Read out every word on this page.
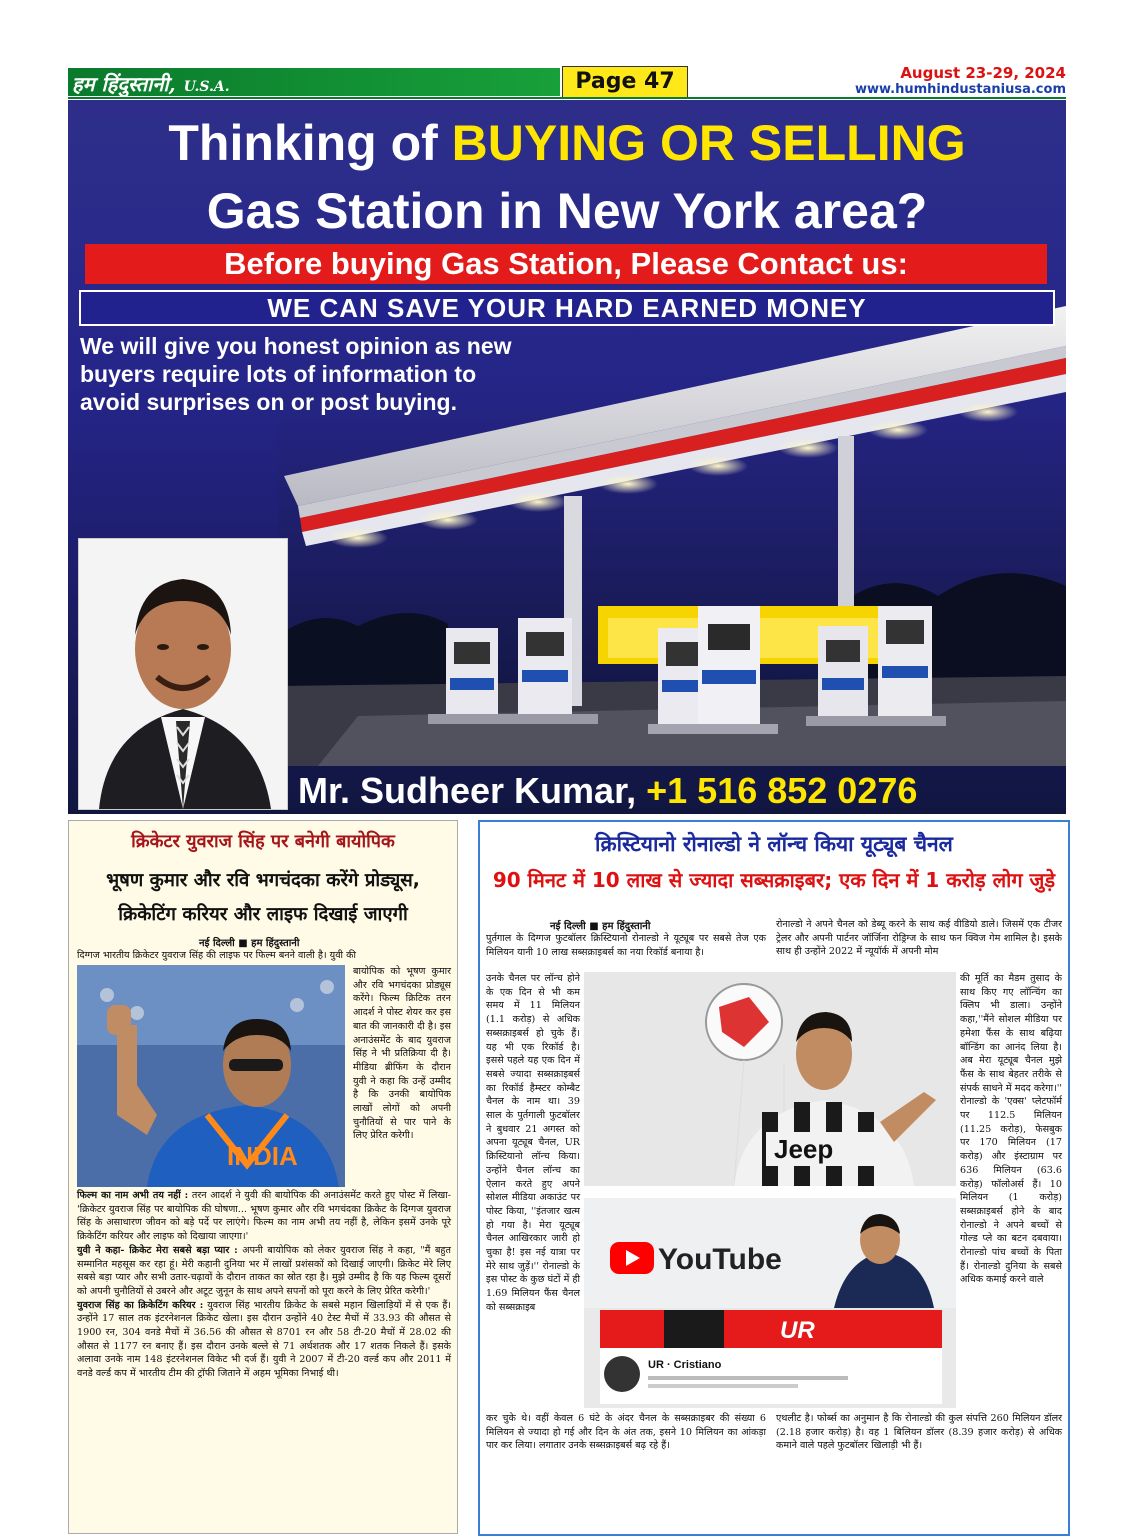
हम हिंदुस्तानी, U.S.A.	Page 47	August 23-29, 2024
www.humhindustaniusa.com
Thinking of BUYING OR SELLING
Gas Station in New York area?
Before buying Gas Station, Please Contact us:
WE CAN SAVE YOUR HARD EARNED MONEY
We will give you honest opinion as new
buyers require lots of information to
avoid surprises on or post buying.
Mr. Sudheer Kumar, +1 516 852 0276
क्रिकेटर युवराज सिंह पर बनेगी बायोपिक
भूषण कुमार और रवि भगचंदका करेंगे प्रोड्यूस,
क्रिकेटिंग करियर और लाइफ दिखाई जाएगी
नई दिल्ली ■ हम हिंदुस्तानी
दिग्गज भारतीय क्रिकेटर युवराज सिंह की लाइफ पर फिल्म बनने वाली है। युवी की
INDIA
बायोपिक को भूषण कुमार और रवि भगचंदका प्रोड्यूस करेंगे। फिल्म क्रिटिक तरन आदर्श ने पोस्ट शेयर कर इस बात की जानकारी दी है। इस अनाउंसमेंट के बाद युवराज सिंह ने भी प्रतिक्रिया दी है। मीडिया ब्रीफिंग के दौरान युवी ने कहा कि उन्हें उम्मीद है कि उनकी बायोपिक लाखों लोगों को अपनी चुनौतियों से पार पाने के लिए प्रेरित करेगी।
फिल्म का नाम अभी तय नहीं : तरन आदर्श ने युवी की बायोपिक की अनाउंसमेंट करते हुए पोस्ट में लिखा- 'क्रिकेटर युवराज सिंह पर बायोपिक की घोषणा... भूषण कुमार और रवि भगचंदका क्रिकेट के दिग्गज युवराज सिंह के असाधारण जीवन को बड़े पर्दे पर लाएंगे। फिल्म का नाम अभी तय नहीं है, लेकिन इसमें उनके पूरे क्रिकेटिंग करियर और लाइफ को दिखाया जाएगा।'
युवी ने कहा- क्रिकेट मेरा सबसे बड़ा प्यार : अपनी बायोपिक को लेकर युवराज सिंह ने कहा, "मैं बहुत सम्मानित महसूस कर रहा हूं। मेरी कहानी दुनिया भर में लाखों प्रशंसकों को दिखाई जाएगी। क्रिकेट मेरे लिए सबसे बड़ा प्यार और सभी उतार-चढ़ावों के दौरान ताकत का स्रोत रहा है। मुझे उम्मीद है कि यह फिल्म दूसरों को अपनी चुनौतियों से उबरने और अटूट जुनून के साथ अपने सपनों को पूरा करने के लिए प्रेरित करेगी।'
युवराज सिंह का क्रिकेटिंग करियर : युवराज सिंह भारतीय क्रिकेट के सबसे महान खिलाड़ियों में से एक हैं। उन्होंने 17 साल तक इंटरनेशनल क्रिकेट खेला। इस दौरान उन्होंने 40 टेस्ट मैचों में 33.93 की औसत से 1900 रन, 304 वनडे मैचों में 36.56 की औसत से 8701 रन और 58 टी-20 मैचों में 28.02 की औसत से 1177 रन बनाए हैं। इस दौरान उनके बल्ले से 71 अर्धशतक और 17 शतक निकले हैं। इसके अलावा उनके नाम 148 इंटरनेशनल विकेट भी दर्ज हैं। युवी ने 2007 में टी-20 वर्ल्ड कप और 2011 में वनडे वर्ल्ड कप में भारतीय टीम की ट्रॉफी जिताने में अहम भूमिका निभाई थी।
क्रिस्टियानो रोनाल्डो ने लॉन्च किया यूट्यूब चैनल
90 मिनट में 10 लाख से ज्यादा सब्सक्राइबर; एक दिन में 1 करोड़ लोग जुड़े
नई दिल्ली ■ हम हिंदुस्तानी
पुर्तगाल के दिग्गज फुटबॉलर क्रिस्टियानो रोनाल्डो ने यूट्यूब पर सबसे तेज एक मिलियन यानी 10 लाख सब्सक्राइबर्स का नया रिकॉर्ड बनाया है।
उनके चैनल पर लॉन्च होने के एक दिन से भी कम समय में 11 मिलियन (1.1 करोड़) से अधिक सब्सक्राइबर्स हो चुके हैं। यह भी एक रिकॉर्ड है। इससे पहले यह एक दिन में सबसे ज्यादा सब्सक्राइबर्स का रिकॉर्ड हैम्स्टर कोम्बैट चैनल के नाम था। 39 साल के पुर्तगाली फुटबॉलर ने बुधवार 21 अगस्त को अपना यूट्यूब चैनल, UR क्रिस्टियानो लॉन्च किया। उन्होंने चैनल लॉन्च का ऐलान करते हुए अपने सोशल मीडिया अकाउंट पर पोस्ट किया, ''इंतजार खत्म हो गया है। मेरा यूट्यूब चैनल आखिरकार जारी हो चुका है! इस नई यात्रा पर मेरे साथ जुड़ें।'' रोनाल्डो के इस पोस्ट के कुछ घंटों में ही 1.69 मिलियन फैंस चैनल को सब्सक्राइब
कर चुके थे। वहीं केवल 6 घंटे के अंदर चैनल के सब्सक्राइबर की संख्या 6 मिलियन से ज्यादा हो गई और दिन के अंत तक, इसने 10 मिलियन का आंकड़ा पार कर लिया। लगातार उनके सब्सक्राइबर्स बढ़ रहे हैं।
रोनाल्डो ने अपने चैनल को डेब्यू करने के साथ कई वीडियो डाले। जिसमें एक टीजर ट्रेलर और अपनी पार्टनर जॉर्जिना रोड्रिग्ज के साथ फन क्विज गेम शामिल है। इसके साथ ही उन्होंने 2022 में न्यूयॉर्क में अपनी मोम
की मूर्ति का मैडम तुसाद के साथ किए गए लॉन्चिंग का क्लिप भी डाला। उन्होंने कहा,''मैंने सोशल मीडिया पर हमेशा फैंस के साथ बढ़िया बॉन्डिंग का आनंद लिया है। अब मेरा यूट्यूब चैनल मुझे फैंस के साथ बेहतर तरीके से संपर्क साधने में मदद करेगा।'' रोनाल्डो के 'एक्स' प्लेटफॉर्म पर 112.5 मिलियन (11.25 करोड़), फेसबुक पर 170 मिलियन (17 करोड़) और इंस्टाग्राम पर 636 मिलियन (63.6 करोड़) फॉलोअर्स हैं। 10 मिलियन (1 करोड़) सब्सक्राइबर्स होने के बाद रोनाल्डो ने अपने बच्चों से गोल्ड प्ले का बटन दबवाया। रोनाल्डो पांच बच्चों के पिता हैं। रोनाल्डो दुनिया के सबसे अधिक कमाई करने वाले
एथलीट है। फोर्ब्स का अनुमान है कि रोनाल्डो की कुल संपत्ति 260 मिलियन डॉलर (2.18 हजार करोड़) है। वह 1 बिलियन डॉलर (8.39 हजार करोड़) से अधिक कमाने वाले पहले फुटबॉलर खिलाड़ी भी हैं।
Jeep
YouTube
UR
UR · Cristiano
